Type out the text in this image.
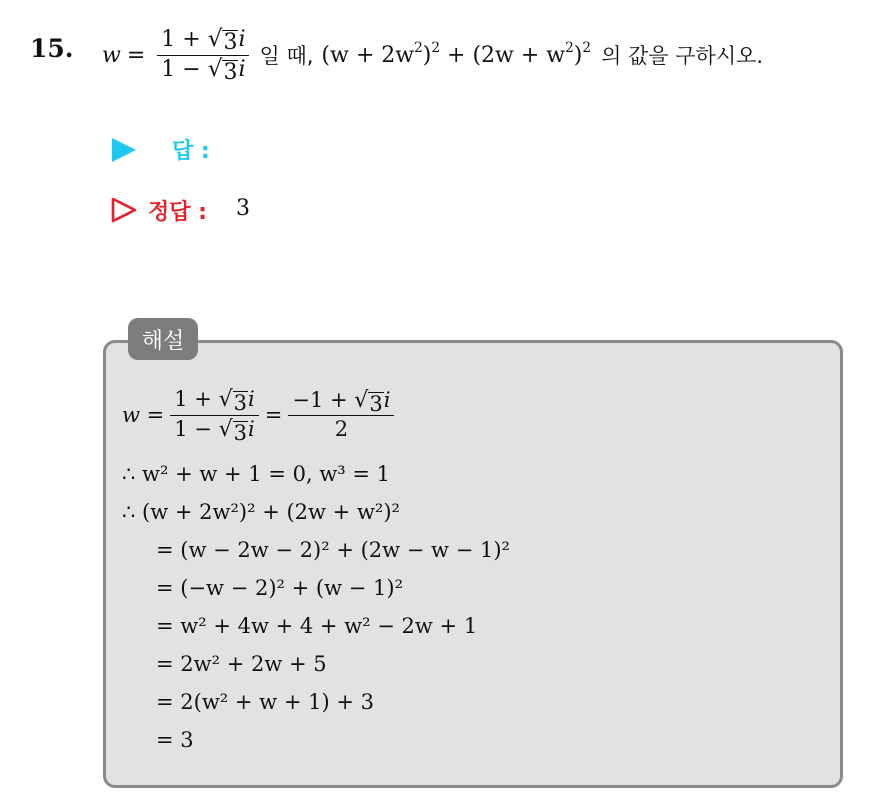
15. $w = \frac{1 + √ 3 i}{1 - √ 3 i}$ 일 때, $(w + 2w^2)^2 + (2w + w^2)^2$ 의 값을 구하시오.
답 :
정답 : 3
해설
$w = \frac{1 + √ 3 i}{1 - √ 3 i} = \frac{-1 + √ 3 i}{2}$
∴ w² + w + 1 = 0, w³ = 1
∴ (w + 2w²)² + (2w + w²)²
= (w − 2w − 2)² + (2w − w − 1)²
= (−w − 2)² + (w − 1)²
= w² + 4w + 4 + w² − 2w + 1
= 2w² + 2w + 5
= 2(w² + w + 1) + 3
= 3
